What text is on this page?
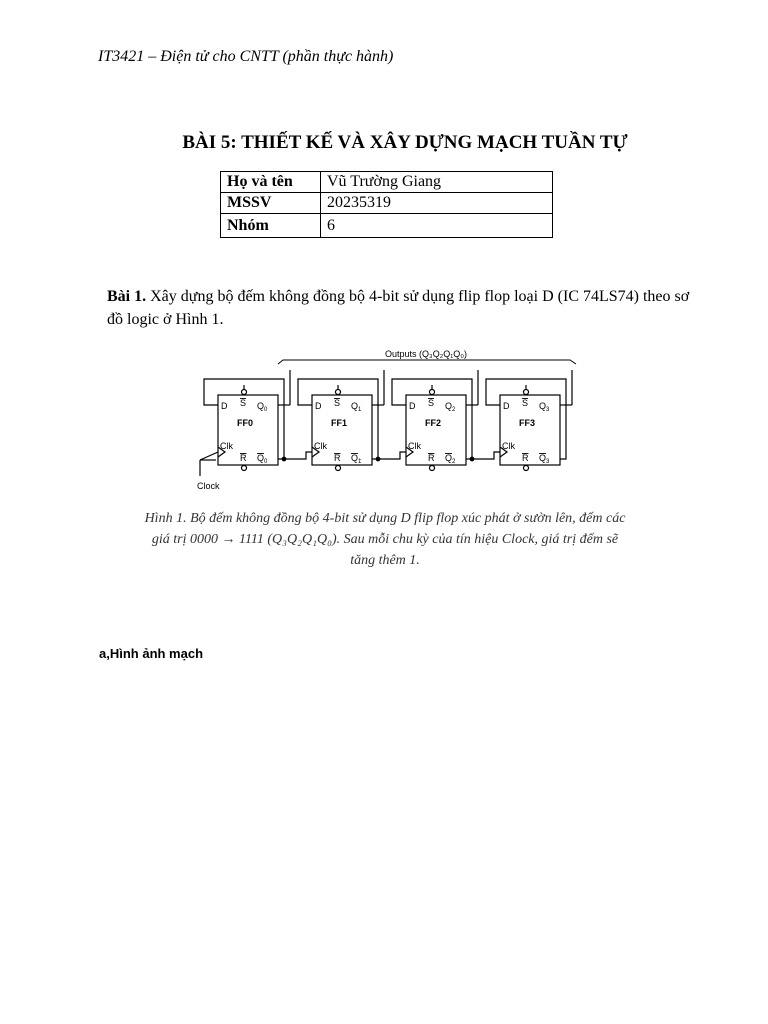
IT3421 – Điện tử cho CNTT (phần thực hành)
BÀI 5: THIẾT KẾ VÀ XÂY DỰNG MẠCH TUẦN TỰ
Họ và tên	Vũ Trường Giang
MSSV	20235319
Nhóm	6
Bài 1. Xây dựng bộ đếm không đồng bộ 4-bit sử dụng flip flop loại D (IC 74LS74) theo sơ đồ logic ở Hình 1.
Outputs (Q₃Q₂Q₁Q₀)
D S $Q_0$
FF0
Clk
R $Q_0$
D S $Q_1$
FF1
Clk
R $Q_1$
D S $Q_2$
FF2
Clk
R $Q_2$
D S $Q_3$
FF3
Clk
R $Q_3$
Clock
Hình 1. Bộ đếm không đồng bộ 4-bit sử dụng D flip flop xúc phát ở sườn lên, đếm các
giá trị 0000 → 1111 (Q₃Q₂Q₁Q₀). Sau mỗi chu kỳ của tín hiệu Clock, giá trị đếm sẽ
tăng thêm 1.
a,Hình ảnh mạch
